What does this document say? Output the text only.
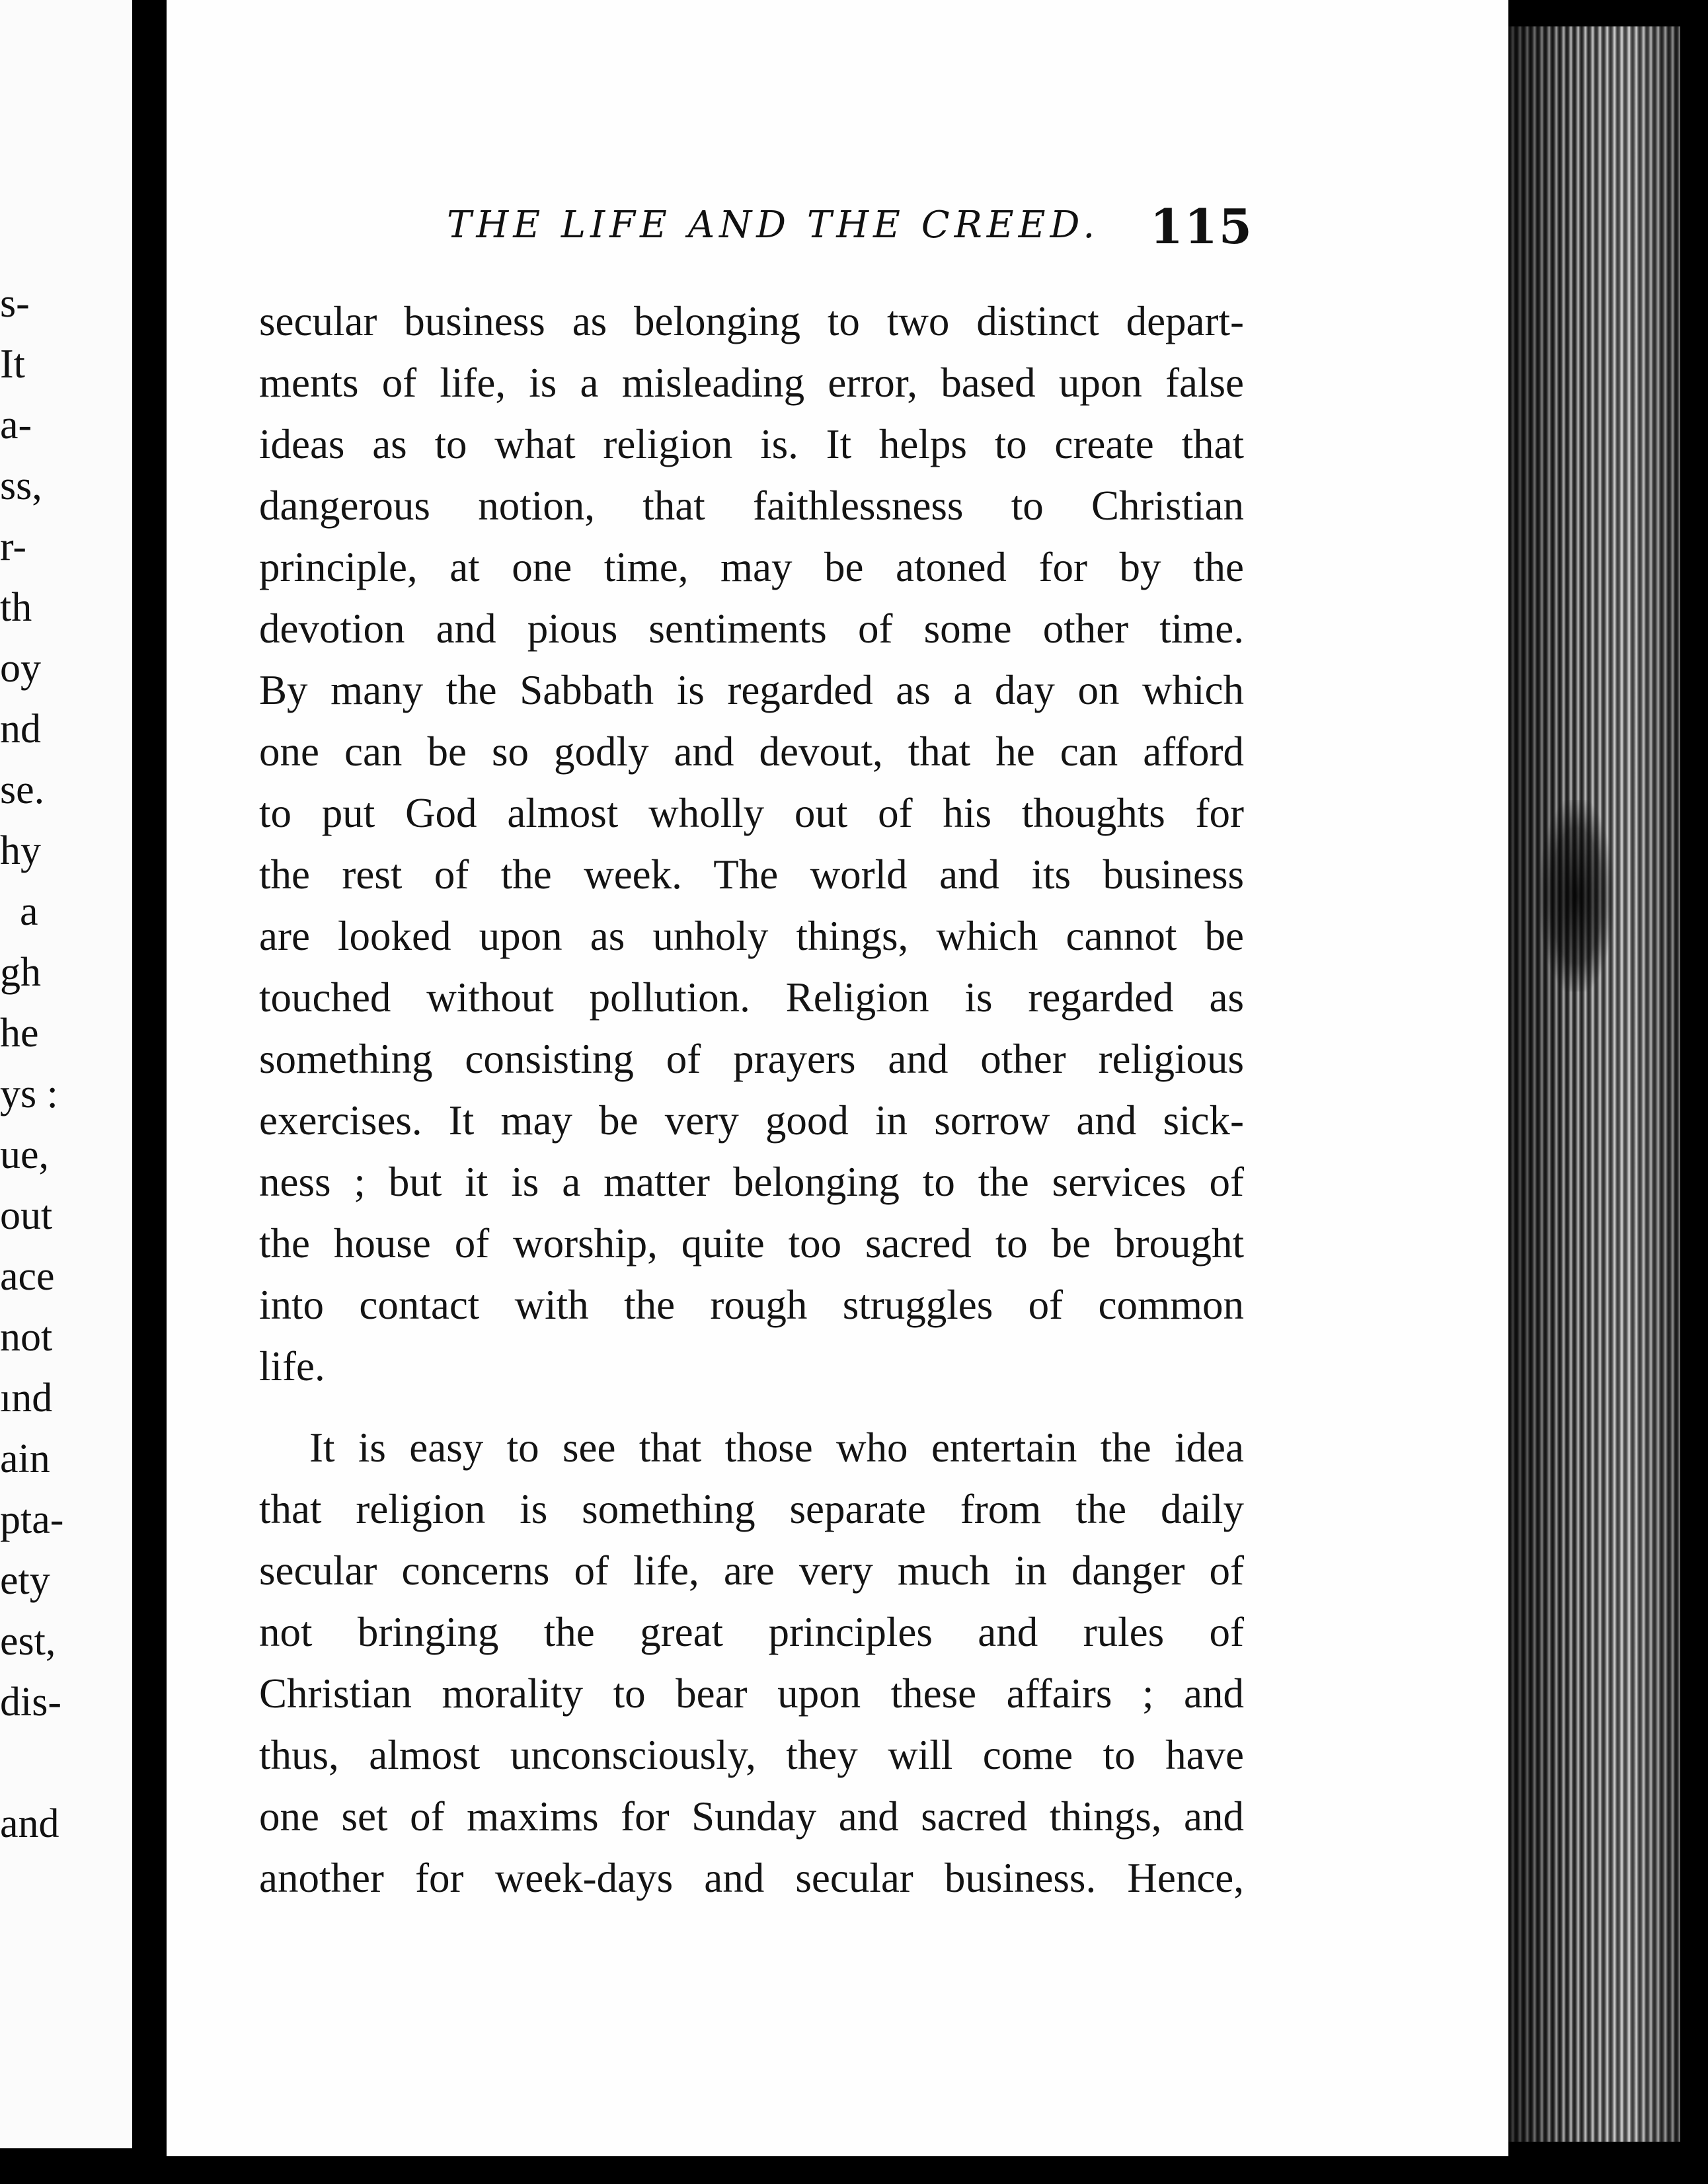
s-
It
a-
ss,
r-
th
oy
nd
se.
hy
a
gh
he
ys :
ue,
out
ace
not
ınd
ain
pta-
ety
est,
dis-
and
THE LIFE AND THE CREED. 115
secular business as belonging to two distinct depart-
ments of life, is a misleading error, based upon false
ideas as to what religion is. It helps to create that
dangerous notion, that faithlessness to Christian
principle, at one time, may be atoned for by the
devotion and pious sentiments of some other time.
By many the Sabbath is regarded as a day on which
one can be so godly and devout, that he can afford
to put God almost wholly out of his thoughts for
the rest of the week. The world and its business
are looked upon as unholy things, which cannot be
touched without pollution. Religion is regarded as
something consisting of prayers and other religious
exercises. It may be very good in sorrow and sick-
ness ; but it is a matter belonging to the services of
the house of worship, quite too sacred to be brought
into contact with the rough struggles of common
life.
It is easy to see that those who entertain the idea
that religion is something separate from the daily
secular concerns of life, are very much in danger of
not bringing the great principles and rules of
Christian morality to bear upon these affairs ; and
thus, almost unconsciously, they will come to have
one set of maxims for Sunday and sacred things, and
another for week-days and secular business. Hence,
